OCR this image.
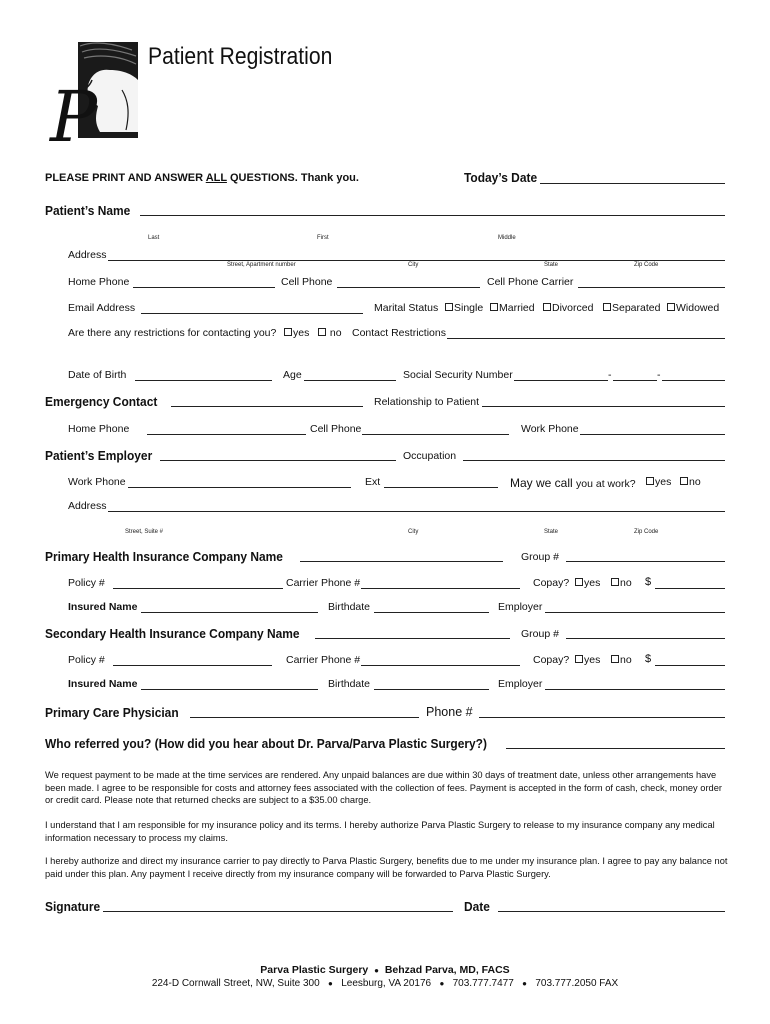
P
Patient Registration
PLEASE PRINT AND ANSWER ALL QUESTIONS. Thank you.	Today’s Date
Patient’s Name
Last	First	Middle
Address
Street, Apartment number	City	State	Zip Code
Home Phone	Cell Phone	Cell Phone Carrier
Email Address	Marital Status	Single	Married	Divorced	Separated	Widowed
Are there any restrictions for contacting you?	yes	no Contact Restrictions
Date of Birth	Age	Social Security Number	-	-
Emergency Contact	Relationship to Patient
Home Phone	Cell Phone	Work Phone
Patient’s Employer	Occupation
Work Phone	Ext	May we call you at work?	yes	no
Address
Street, Suite #	City	State	Zip Code
Primary Health Insurance Company Name	Group #
Policy #	Carrier Phone #	Copay?	yes	no $
Insured Name	Birthdate	Employer
Secondary Health Insurance Company Name	Group #
Policy #	Carrier Phone #	Copay?	yes	no $
Insured Name	Birthdate	Employer
Primary Care Physician	Phone #
Who referred you? (How did you hear about Dr. Parva/Parva Plastic Surgery?)
We request payment to be made at the time services are rendered. Any unpaid balances are due within 30 days of treatment date, unless other arrangements have been made. I agree to be responsible for costs and attorney fees associated with the collection of fees. Payment is accepted in the form of cash, check, money order or credit card. Please note that returned checks are subject to a $35.00 charge.
I understand that I am responsible for my insurance policy and its terms. I hereby authorize Parva Plastic Surgery to release to my insurance company any medical information necessary to process my claims.
I hereby authorize and direct my insurance carrier to pay directly to Parva Plastic Surgery, benefits due to me under my insurance plan. I agree to pay any balance not paid under this plan. Any payment I receive directly from my insurance company will be forwarded to Parva Plastic Surgery.
Signature	Date
Parva Plastic Surgery ● Behzad Parva, MD, FACS
224-D Cornwall Street, NW, Suite 300 ● Leesburg, VA 20176 ● 703.777.7477 ● 703.777.2050 FAX
